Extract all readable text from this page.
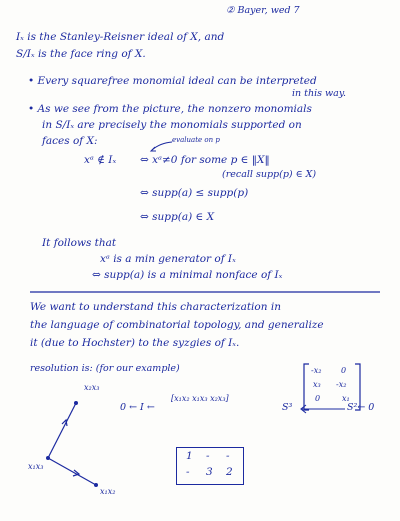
② Bayer, wed 7
Iₓ is the Stanley-Reisner ideal of X, and
S/Iₓ is the face ring of X.
• Every squarefree monomial ideal can be interpreted
in this way.
• As we see from the picture, the nonzero monomials
in S/Iₓ are precisely the monomials supported on
faces of X:	evaluate on p
xᵃ ∉ Iₓ ⇔ xᵃ≠0 for some p ∈ ‖X‖
(recall supp(p) ∈ X)
⇔ supp(a) ≤ supp(p)
⇔ supp(a) ∈ X
It follows that
xᵃ is a min generator of Iₓ
⇔ supp(a) is a minimal nonface of Iₓ
We want to understand this characterization in
the language of combinatorial topology, and generalize
it (due to Hochster) to the syzgies of Iₓ.
resolution is: (for our example)
0 ← I ←
[x₁x₂ x₁x₃ x₂x₃]
S³	S²← 0
-x₂ 0
x₃ -x₂
0	x₁
x₂x₃
x₁x₃
x₁x₂
1 - -
- 3 2
